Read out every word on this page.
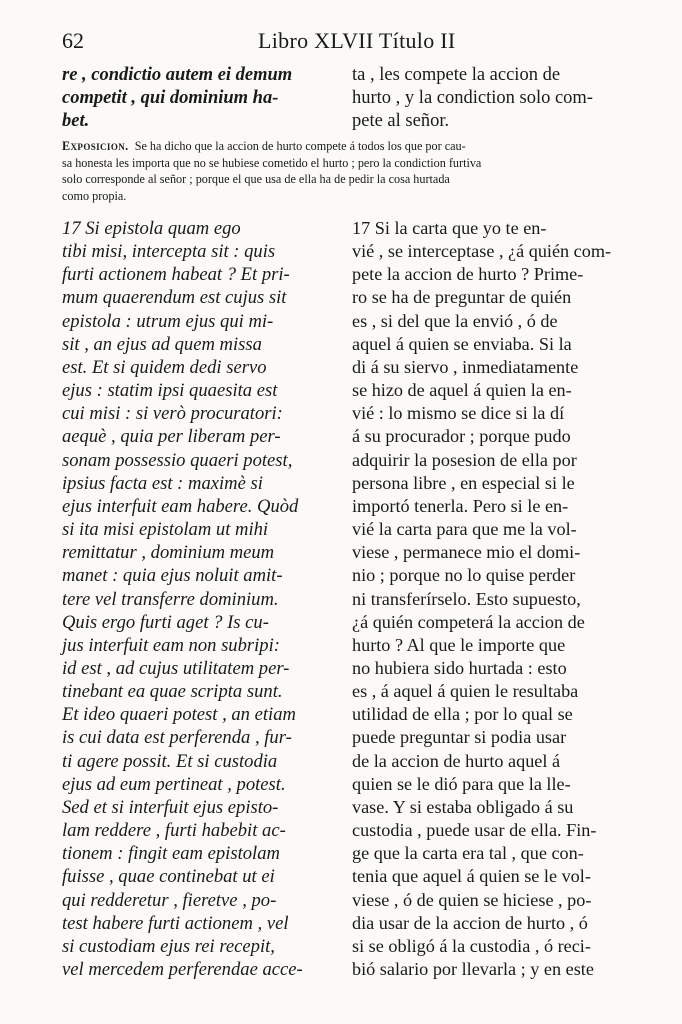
62	Libro XLVII Título II
re , condictio autem ei demum
competit , qui dominium ha-
bet.
ta , les compete la accion de
hurto , y la condiction solo com-
pete al señor.
Exposicion. Se ha dicho que la accion de hurto compete á todos los que por cau-
sa honesta les importa que no se hubiese cometido el hurto ; pero la condiction furtiva
solo corresponde al señor ; porque el que usa de ella ha de pedir la cosa hurtada
como propia.
17 Si epistola quam ego
tibi misi, intercepta sit : quis
furti actionem habeat ? Et pri-
mum quaerendum est cujus sit
epistola : utrum ejus qui mi-
sit , an ejus ad quem missa
est. Et si quidem dedi servo
ejus : statim ipsi quaesita est
cui misi : si verò procuratori:
aequè , quia per liberam per-
sonam possessio quaeri potest,
ipsius facta est : maximè si
ejus interfuit eam habere. Quòd
si ita misi epistolam ut mihi
remittatur , dominium meum
manet : quia ejus noluit amit-
tere vel transferre dominium.
Quis ergo furti aget ? Is cu-
jus interfuit eam non subripi:
id est , ad cujus utilitatem per-
tinebant ea quae scripta sunt.
Et ideo quaeri potest , an etiam
is cui data est perferenda , fur-
ti agere possit. Et si custodia
ejus ad eum pertineat , potest.
Sed et si interfuit ejus episto-
lam reddere , furti habebit ac-
tionem : fingit eam epistolam
fuisse , quae continebat ut ei
qui redderetur , fieretve , po-
test habere furti actionem , vel
si custodiam ejus rei recepit,
vel mercedem perferendae acce-
17 Si la carta que yo te en-
vié , se interceptase , ¿á quién com-
pete la accion de hurto ? Prime-
ro se ha de preguntar de quién
es , si del que la envió , ó de
aquel á quien se enviaba. Si la
di á su siervo , inmediatamente
se hizo de aquel á quien la en-
vié : lo mismo se dice si la dí
á su procurador ; porque pudo
adquirir la posesion de ella por
persona libre , en especial si le
importó tenerla. Pero si le en-
vié la carta para que me la vol-
viese , permanece mio el domi-
nio ; porque no lo quise perder
ni transferírselo. Esto supuesto,
¿á quién competerá la accion de
hurto ? Al que le importe que
no hubiera sido hurtada : esto
es , á aquel á quien le resultaba
utilidad de ella ; por lo qual se
puede preguntar si podia usar
de la accion de hurto aquel á
quien se le dió para que la lle-
vase. Y si estaba obligado á su
custodia , puede usar de ella. Fin-
ge que la carta era tal , que con-
tenia que aquel á quien se le vol-
viese , ó de quien se hiciese , po-
dia usar de la accion de hurto , ó
si se obligó á la custodia , ó reci-
bió salario por llevarla ; y en este
